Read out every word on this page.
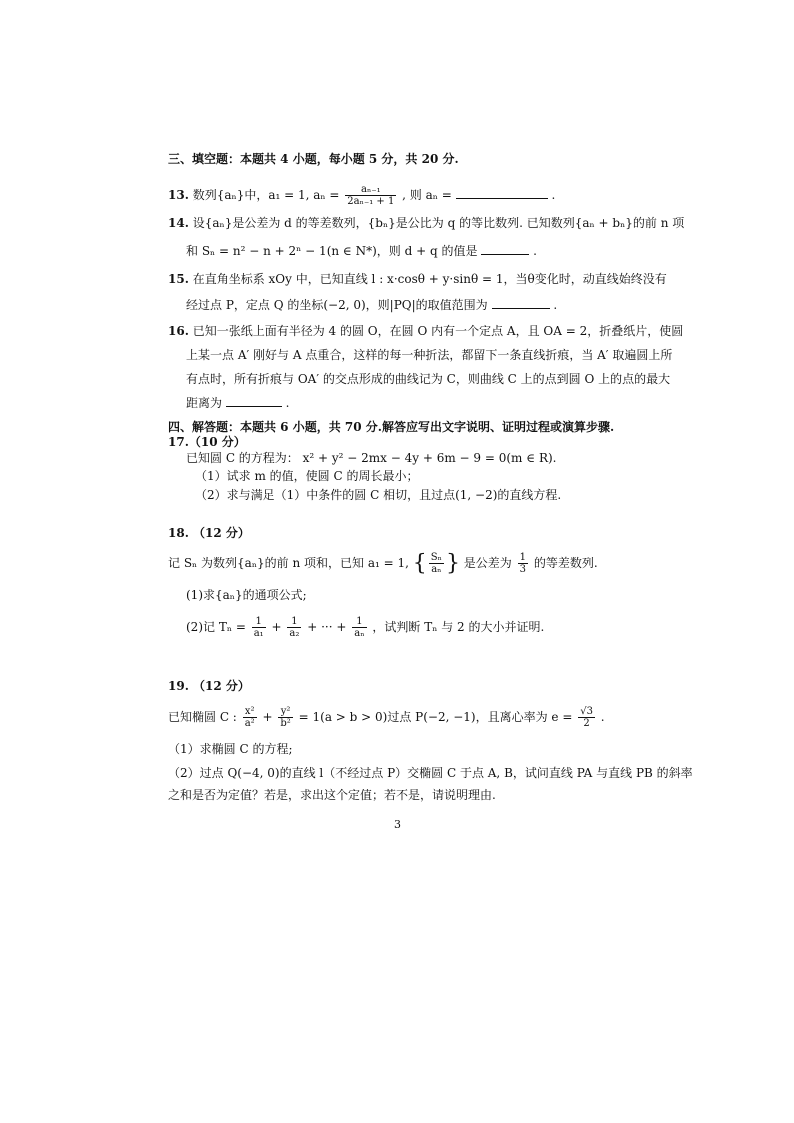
三、填空题：本题共 4 小题，每小题 5 分，共 20 分.
13. 数列{aₙ}中，a₁ = 1, $a_n = \frac{\text{aₙ₋₁}}{\text{2aₙ₋₁ + 1}}$ , 则 aₙ =	.
14. 设{aₙ}是公差为 d 的等差数列，{bₙ}是公比为 q 的等比数列. 已知数列{aₙ + bₙ}的前 n 项
和 Sₙ = n² − n + 2ⁿ − 1(n ∈ N*)，则 d + q 的值是	.
15. 在直角坐标系 xOy 中，已知直线 l : x·cosθ + y·sinθ = 1，当θ变化时，动直线始终没有
经过点 P，定点 Q 的坐标(−2, 0)，则|PQ|的取值范围为	.
16. 已知一张纸上面有半径为 4 的圆 O，在圆 O 内有一个定点 A，且 OA = 2，折叠纸片，使圆
上某一点 A′ 刚好与 A 点重合，这样的每一种折法，都留下一条直线折痕，当 A′ 取遍圆上所
有点时，所有折痕与 OA′ 的交点形成的曲线记为 C，则曲线 C 上的点到圆 O 上的点的最大
距离为	.
四、解答题：本题共 6 小题，共 70 分.解答应写出文字说明、证明过程或演算步骤.
17.（10 分）
已知圆 C 的方程为： x² + y² − 2mx − 4y + 6m − 9 = 0(m ∈ R).
（1）试求 m 的值，使圆 C 的周长最小；
（2）求与满足（1）中条件的圆 C 相切，且过点(1, −2)的直线方程.
18. （12 分）
记 Sₙ 为数列{aₙ}的前 n 项和，已知 a₁ = 1, { $\frac{\text{Sₙ}}{\text{aₙ}}$ } 是公差为 $\frac{1}{3}$ 的等差数列.
(1)求{aₙ}的通项公式;
(2)记 $T_n = \frac{1}{\text{a₁}} + \frac{1}{\text{a₂}}$ + ··· + $\frac{1}{\text{aₙ}}$ ，试判断 Tₙ 与 2 的大小并证明.
19. （12 分）
已知椭圆 C : $\frac{\text{x²}}{\text{a²}} + \frac{\text{y²}}{\text{b²}} = 1(a > b > 0)$过点 P(−2, −1)，且离心率为 $e = \frac{√3}{2}$ .
（1）求椭圆 C 的方程;
（2）过点 Q(−4, 0)的直线 l（不经过点 P）交椭圆 C 于点 A, B，试问直线 PA 与直线 PB 的斜率
之和是否为定值？若是，求出这个定值；若不是，请说明理由.
3
